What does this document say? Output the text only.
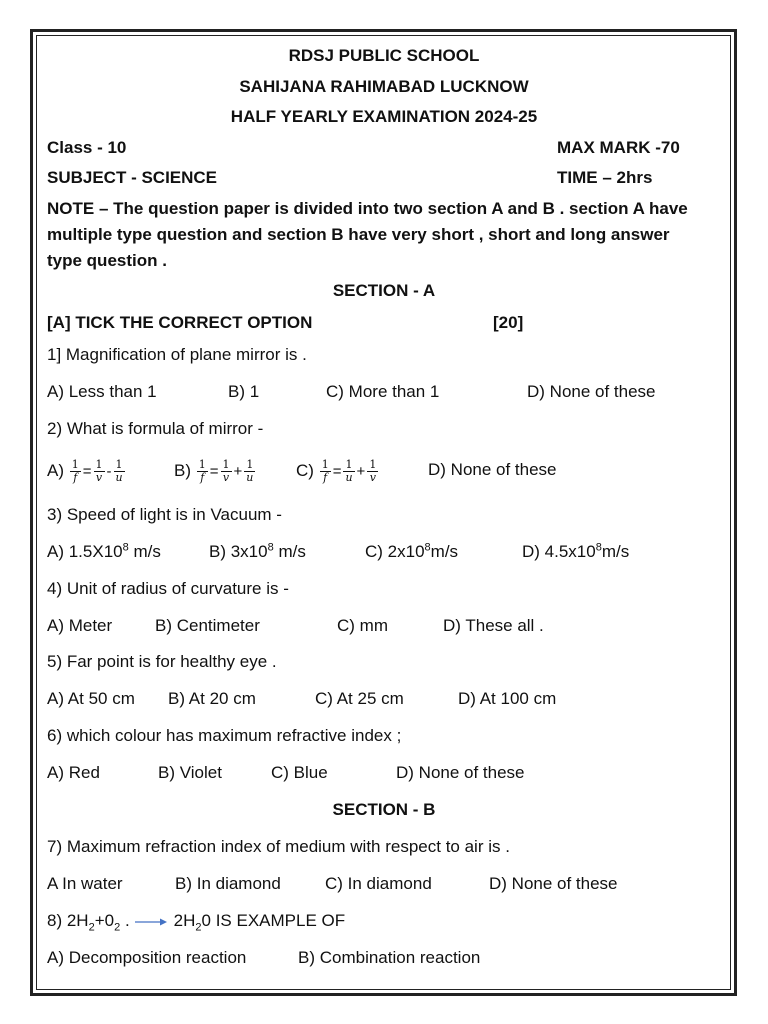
RDSJ PUBLIC SCHOOL
SAHIJANA RAHIMABAD LUCKNOW
HALF YEARLY EXAMINATION 2024-25
Class - 10	MAX MARK -70
SUBJECT - SCIENCE	TIME – 2hrs
NOTE – The question paper is divided into two section A and B . section A have
multiple type question and section B have very short , short and long answer
type question .
SECTION - A
[A] TICK THE CORRECT OPTION	[20]
1] Magnification of plane mirror is .
A) Less than 1	B) 1	C) More than 1	D) None of these
2) What is formula of mirror -
$A) \frac{1}{f} = \frac{1}{v} - \frac{1}{u}$	$B) \frac{1}{f} = \frac{1}{v} + \frac{1}{u} C) \frac{1}{f} = \frac{1}{u} + \frac{1}{v}$	D) None of these
3) Speed of light is in Vacuum -
A) $1.5X10^8$ m/s	B) $3x10^8$ m/s	C) $2x10^8m/s$	D) $4.5x10^8m/s$
4) Unit of radius of curvature is -
A) Meter	B) Centimeter	C) mm	D) These all .
5) Far point is for healthy eye .
A) At 50 cm B) At 20 cm	C) At 25 cm	D) At 100 cm
6) which colour has maximum refractive index ;
A) Red	B) Violet	C) Blue	D) None of these
SECTION - B
7) Maximum refraction index of medium with respect to air is .
A In water	B) In diamond	C) In diamond	D) None of these
8) $2H_2+0_2$ . → $2H_20$ IS EXAMPLE OF
A) Decomposition reaction	B) Combination reaction
